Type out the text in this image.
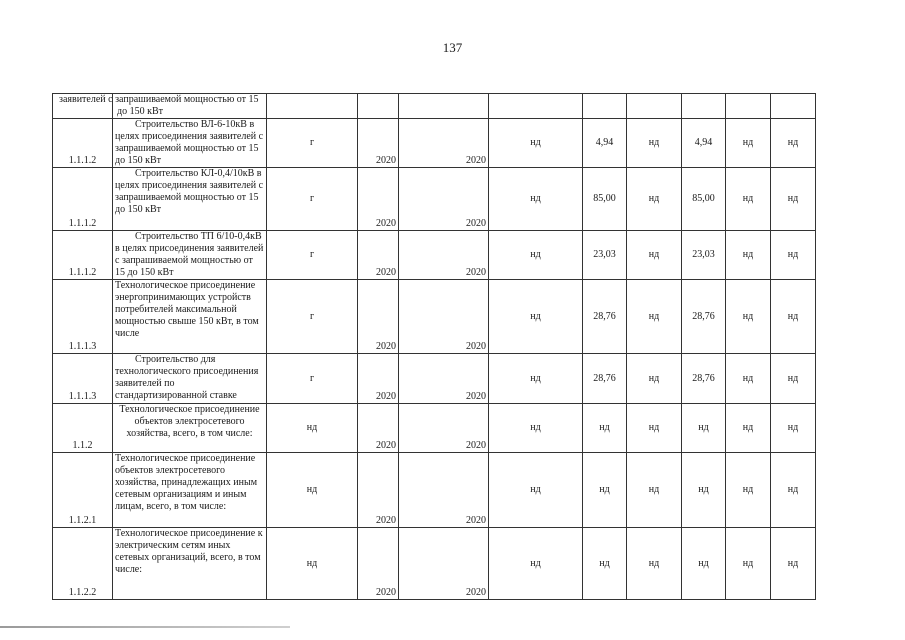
137

	заявителей с запрашиваемой мощностью от 15 до 150 кВт									

1.1.1.2	Строительство ВЛ-6-10кВ в целях присоединения заявителей с запрашиваемой мощностью от 15 до 150 кВт	г	2020	2020	нд	4,94	нд	4,94	нд	нд
1.1.1.2	Строительство КЛ-0,4/10кВ в целях присоединения заявителей с запрашиваемой мощностью от 15 до 150 кВт	г	2020	2020	нд	85,00	нд	85,00	нд	нд
1.1.1.2	Строительство ТП 6/10-0,4кВ в целях присоединения заявителей с запрашиваемой мощностью от 15 до 150 кВт	г	2020	2020	нд	23,03	нд	23,03	нд	нд
1.1.1.3	Технологическое присоединение энергопринимающих устройств потребителей максимальной мощностью свыше 150 кВт, в том числе	г	2020	2020	нд	28,76	нд	28,76	нд	нд
1.1.1.3	Строительство для технологического присоединения заявителей по стандартизированной ставке	г	2020	2020	нд	28,76	нд	28,76	нд	нд
1.1.2	Технологическое присоединение объектов электросетевого хозяйства, всего, в том числе:	нд	2020	2020	нд	нд	нд	нд	нд	нд
1.1.2.1	Технологическое присоединение объектов электросетевого хозяйства, принадлежащих иным сетевым организациям и иным лицам, всего, в том числе:	нд	2020	2020	нд	нд	нд	нд	нд	нд
1.1.2.2	Технологическое присоединение к электрическим сетям иных сетевых организаций, всего, в том числе:	нд	2020	2020	нд	нд	нд	нд	нд	нд
